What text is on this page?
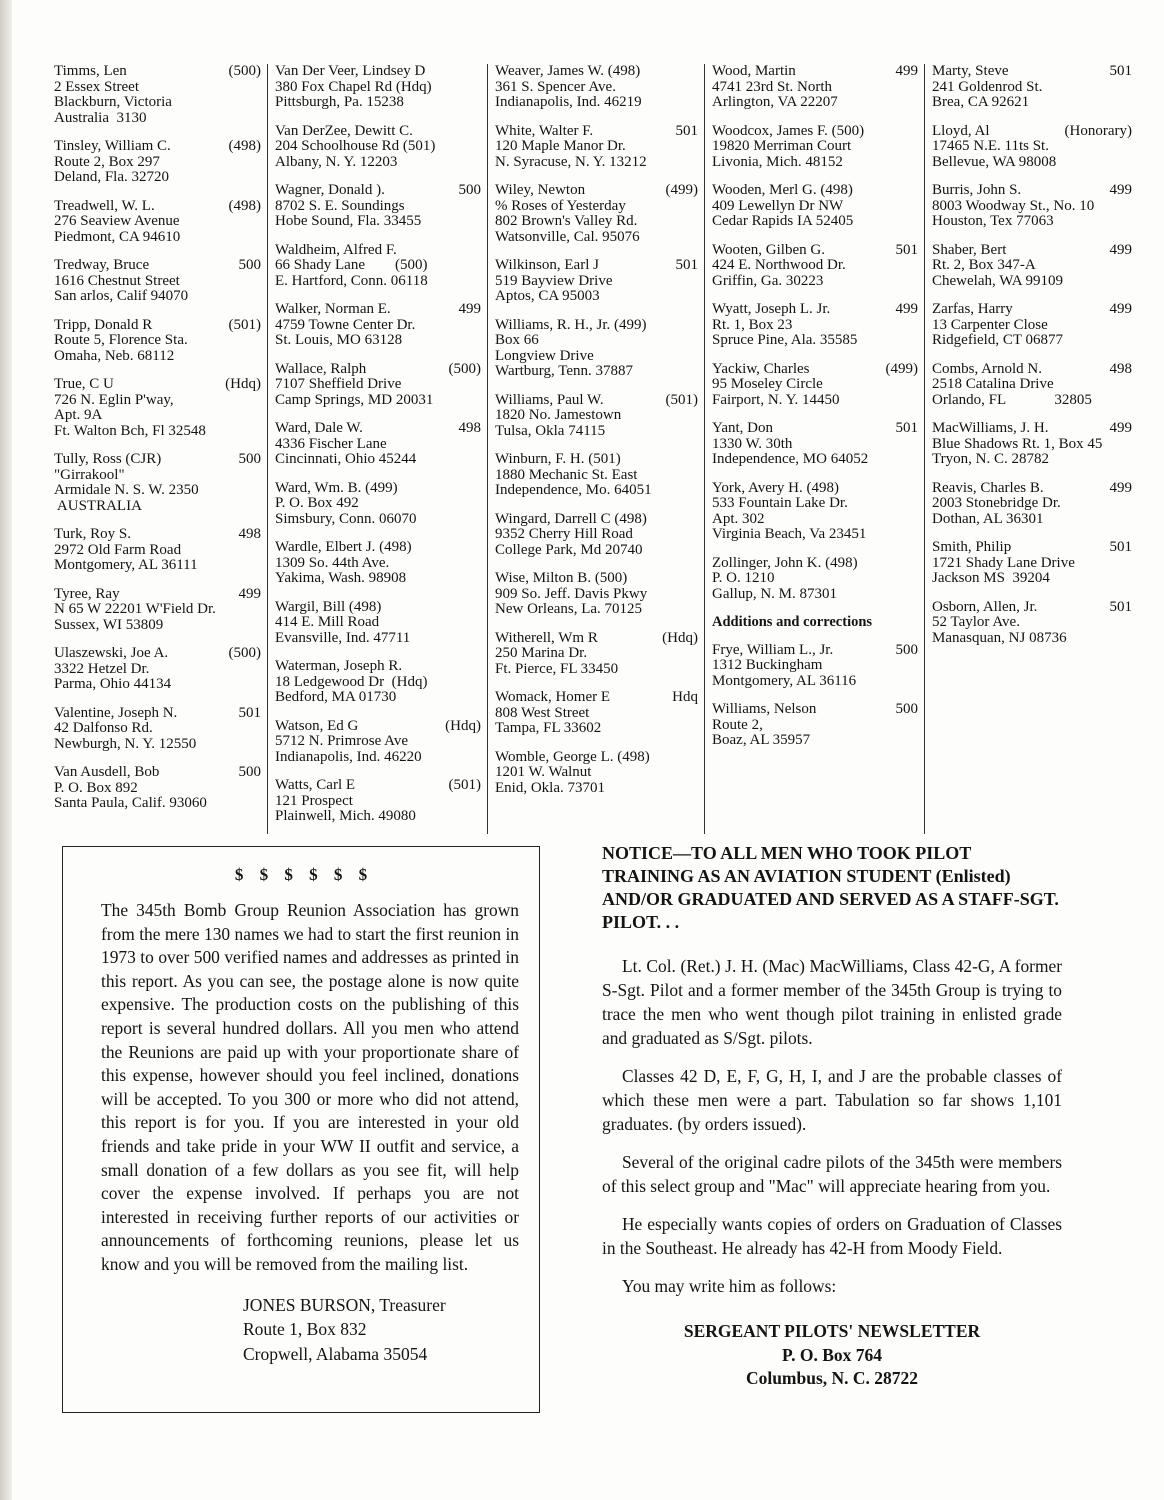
Timms, Len	(500)
2 Essex Street
Blackburn, Victoria
Australia  3130
Tinsley, William C.	(498)
Route 2, Box 297
Deland, Fla. 32720
Treadwell, W. L.	(498)
276 Seaview Avenue
Piedmont, CA 94610
Tredway, Bruce	500
1616 Chestnut Street
San arlos, Calif 94070
Tripp, Donald R	(501)
Route 5, Florence Sta.
Omaha, Neb. 68112
True, C U	(Hdq)
726 N. Eglin P'way,
Apt. 9A
Ft. Walton Bch, Fl 32548
Tully, Ross (CJR)	500
"Girrakool"
Armidale N. S. W. 2350
AUSTRALIA
Turk, Roy S.	498
2972 Old Farm Road
Montgomery, AL 36111
Tyree, Ray	499
N 65 W 22201 W'Field Dr.
Sussex, WI 53809
Ulaszewski, Joe A.	(500)
3322 Hetzel Dr.
Parma, Ohio 44134
Valentine, Joseph N.	501
42 Dalfonso Rd.
Newburgh, N. Y. 12550
Van Ausdell, Bob	500
P. O. Box 892
Santa Paula, Calif. 93060
Van Der Veer, Lindsey D
380 Fox Chapel Rd (Hdq)
Pittsburgh, Pa. 15238
Van DerZee, Dewitt C.
204 Schoolhouse Rd (501)
Albany, N. Y. 12203
Wagner, Donald ).	500
8702 S. E. Soundings
Hobe Sound, Fla. 33455
Waldheim, Alfred F.
66 Shady Lane        (500)
E. Hartford, Conn. 06118
Walker, Norman E.	499
4759 Towne Center Dr.
St. Louis, MO 63128
Wallace, Ralph	(500)
7107 Sheffield Drive
Camp Springs, MD 20031
Ward, Dale W.	498
4336 Fischer Lane
Cincinnati, Ohio 45244
Ward, Wm. B. (499)
P. O. Box 492
Simsbury, Conn. 06070
Wardle, Elbert J. (498)
1309 So. 44th Ave.
Yakima, Wash. 98908
Wargil, Bill (498)
414 E. Mill Road
Evansville, Ind. 47711
Waterman, Joseph R.
18 Ledgewood Dr  (Hdq)
Bedford, MA 01730
Watson, Ed G	(Hdq)
5712 N. Primrose Ave
Indianapolis, Ind. 46220
Watts, Carl E	(501)
121 Prospect
Plainwell, Mich. 49080
Weaver, James W. (498)
361 S. Spencer Ave.
Indianapolis, Ind. 46219
White, Walter F.	501
120 Maple Manor Dr.
N. Syracuse, N. Y. 13212
Wiley, Newton	(499)
% Roses of Yesterday
802 Brown's Valley Rd.
Watsonville, Cal. 95076
Wilkinson, Earl J	501
519 Bayview Drive
Aptos, CA 95003
Williams, R. H., Jr. (499)
Box 66
Longview Drive
Wartburg, Tenn. 37887
Williams, Paul W.	(501)
1820 No. Jamestown
Tulsa, Okla 74115
Winburn, F. H. (501)
1880 Mechanic St. East
Independence, Mo. 64051
Wingard, Darrell C (498)
9352 Cherry Hill Road
College Park, Md 20740
Wise, Milton B. (500)
909 So. Jeff. Davis Pkwy
New Orleans, La. 70125
Witherell, Wm R	(Hdq)
250 Marina Dr.
Ft. Pierce, FL 33450
Womack, Homer E	Hdq
808 West Street
Tampa, FL 33602
Womble, George L. (498)
1201 W. Walnut
Enid, Okla. 73701
Wood, Martin	499
4741 23rd St. North
Arlington, VA 22207
Woodcox, James F. (500)
19820 Merriman Court
Livonia, Mich. 48152
Wooden, Merl G. (498)
409 Lewellyn Dr NW
Cedar Rapids IA 52405
Wooten, Gilben G.	501
424 E. Northwood Dr.
Griffin, Ga. 30223
Wyatt, Joseph L. Jr.	499
Rt. 1, Box 23
Spruce Pine, Ala. 35585
Yackiw, Charles	(499)
95 Moseley Circle
Fairport, N. Y. 14450
Yant, Don	501
1330 W. 30th
Independence, MO 64052
York, Avery H. (498)
533 Fountain Lake Dr.
Apt. 302
Virginia Beach, Va 23451
Zollinger, John K. (498)
P. O. 1210
Gallup, N. M. 87301
Additions and corrections
Frye, William L., Jr.	500
1312 Buckingham
Montgomery, AL 36116
Williams, Nelson	500
Route 2,
Boaz, AL 35957
Marty, Steve	501
241 Goldenrod St.
Brea, CA 92621
Lloyd, Al	(Honorary)
17465 N.E. 11ts St.
Bellevue, WA 98008
Burris, John S.	499
8003 Woodway St., No. 10
Houston, Tex 77063
Shaber, Bert	499
Rt. 2, Box 347-A
Chewelah, WA 99109
Zarfas, Harry	499
13 Carpenter Close
Ridgefield, CT 06877
Combs, Arnold N.	498
2518 Catalina Drive
Orlando, FL             32805
MacWilliams, J. H.	499
Blue Shadows Rt. 1, Box 45
Tryon, N. C. 28782
Reavis, Charles B.	499
2003 Stonebridge Dr.
Dothan, AL 36301
Smith, Philip	501
1721 Shady Lane Drive
Jackson MS  39204
Osborn, Allen, Jr.	501
52 Taylor Ave.
Manasquan, NJ 08736
$ $ $ $ $ $
The 345th Bomb Group Reunion Association has grown from the mere 130 names we had to start the first reunion in 1973 to over 500 verified names and addresses as printed in this report. As you can see, the postage alone is now quite expensive. The production costs on the publishing of this report is several hundred dollars. All you men who attend the Reunions are paid up with your proportionate share of this expense, however should you feel inclined, donations will be accepted. To you 300 or more who did not attend, this report is for you. If you are interested in your old friends and take pride in your WW II outfit and service, a small donation of a few dollars as you see fit, will help cover the expense involved. If perhaps you are not interested in receiving further reports of our activities or announcements of forthcoming reunions, please let us know and you will be removed from the mailing list.
JONES BURSON, Treasurer
Route 1, Box 832
Cropwell, Alabama 35054
NOTICE—TO ALL MEN WHO TOOK PILOT TRAINING AS AN AVIATION STUDENT (Enlisted) AND/OR GRADUATED AND SERVED AS A STAFF-SGT. PILOT. . .
Lt. Col. (Ret.) J. H. (Mac) MacWilliams, Class 42-G, A former S-Sgt. Pilot and a former member of the 345th Group is trying to trace the men who went though pilot training in enlisted grade and graduated as S/Sgt. pilots.
Classes 42 D, E, F, G, H, I, and J are the probable classes of which these men were a part. Tabulation so far shows 1,101 graduates. (by orders issued).
Several of the original cadre pilots of the 345th were members of this select group and "Mac" will appreciate hearing from you.
He especially wants copies of orders on Graduation of Classes in the Southeast. He already has 42-H from Moody Field.
You may write him as follows:
SERGEANT PILOTS' NEWSLETTER
P. O. Box 764
Columbus, N. C. 28722
